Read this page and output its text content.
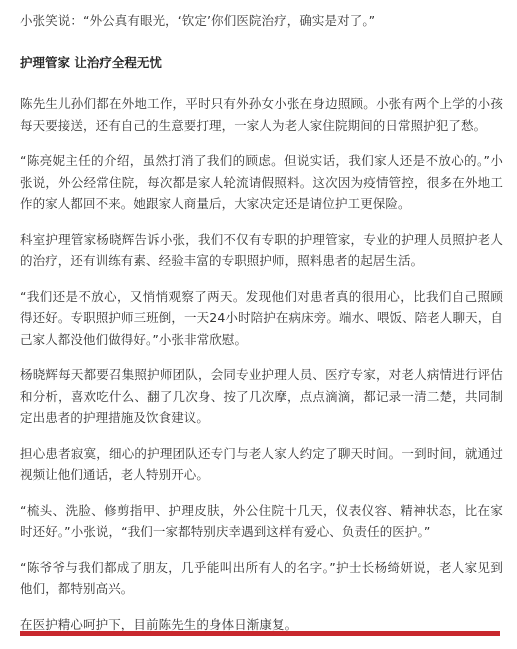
小张笑说：“外公真有眼光，‘钦定’你们医院治疗，确实是对了。”

护理管家 让治疗全程无忧

陈先生儿孙们都在外地工作，平时只有外孙女小张在身边照顾。小张有两个上学的小孩每天要接送，还有自己的生意要打理，一家人为老人家住院期间的日常照护犯了愁。

“陈亮妮主任的介绍，虽然打消了我们的顾虑。但说实话，我们家人还是不放心的。”小张说，外公经常住院，每次都是家人轮流请假照料。这次因为疫情管控，很多在外地工作的家人都回不来。她跟家人商量后，大家决定还是请位护工更保险。

科室护理管家杨晓辉告诉小张，我们不仅有专职的护理管家，专业的护理人员照护老人的治疗，还有训练有素、经验丰富的专职照护师，照料患者的起居生活。

“我们还是不放心，又悄悄观察了两天。发现他们对患者真的很用心，比我们自己照顾得还好。专职照护师三班倒，一天24小时陪护在病床旁。端水、喂饭、陪老人聊天，自己家人都没他们做得好。”小张非常欣慰。

杨晓辉每天都要召集照护师团队，会同专业护理人员、医疗专家，对老人病情进行评估和分析，喜欢吃什么、翻了几次身、按了几次摩，点点滴滴，都记录一清二楚，共同制定出患者的护理措施及饮食建议。

担心患者寂寞，细心的护理团队还专门与老人家人约定了聊天时间。一到时间，就通过视频让他们通话，老人特别开心。

“梳头、洗脸、修剪指甲、护理皮肤，外公住院十几天，仪表仪容、精神状态，比在家时还好。”小张说，“我们一家都特别庆幸遇到这样有爱心、负责任的医护。”

“陈爷爷与我们都成了朋友，几乎能叫出所有人的名字。”护士长杨绮妍说，老人家见到他们，都特别高兴。

在医护精心呵护下，目前陈先生的身体日渐康复。
